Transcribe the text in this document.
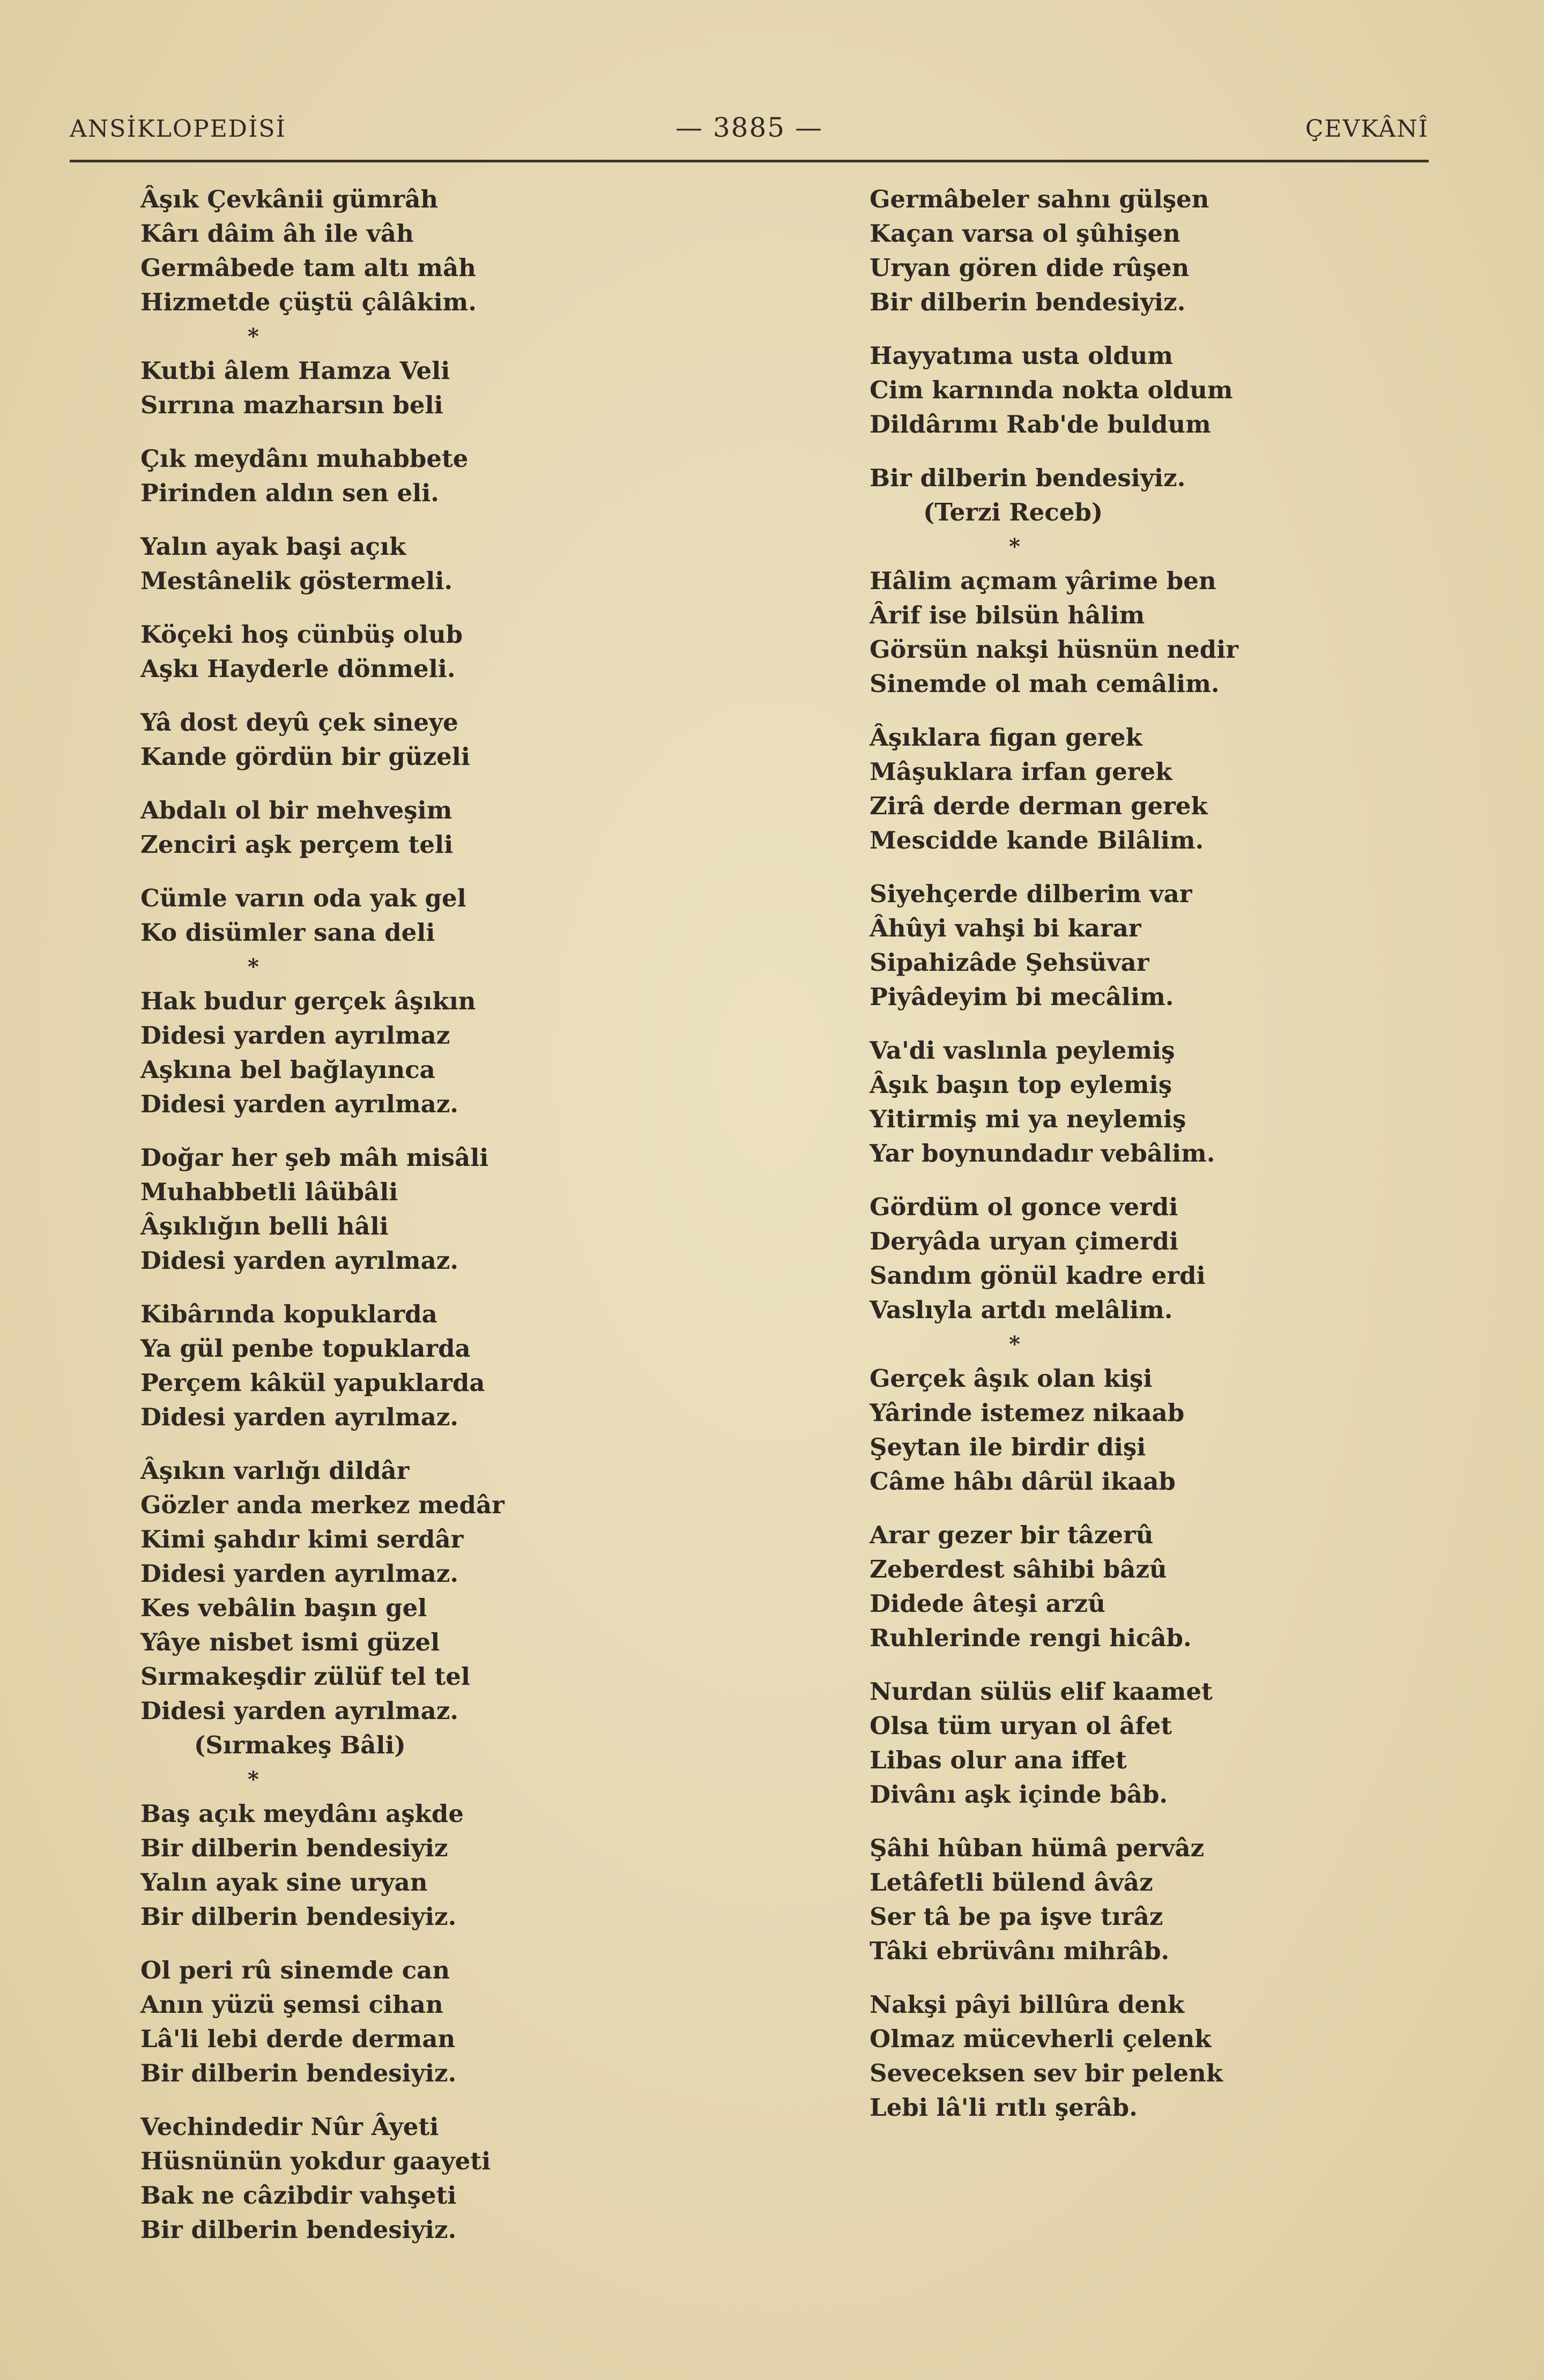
ANSİKLOPEDİSİ	— 3885 —	ÇEVKÂNÎ
Âşık Çevkânii gümrâh
Kârı dâim âh ile vâh
Germâbede tam altı mâh
Hizmetde çüştü çâlâkim.
*
Kutbi âlem Hamza Veli
Sırrına mazharsın beli
Çık meydânı muhabbete
Pirinden aldın sen eli.
Yalın ayak başi açık
Mestânelik göstermeli.
Köçeki hoş cünbüş olub
Aşkı Hayderle dönmeli.
Yâ dost deyû çek sineye
Kande gördün bir güzeli
Abdalı ol bir mehveşim
Zenciri aşk perçem teli
Cümle varın oda yak gel
Ko disümler sana deli
*
Hak budur gerçek âşıkın
Didesi yarden ayrılmaz
Aşkına bel bağlayınca
Didesi yarden ayrılmaz.
Doğar her şeb mâh misâli
Muhabbetli lâübâli
Âşıklığın belli hâli
Didesi yarden ayrılmaz.
Kibârında kopuklarda
Ya gül penbe topuklarda
Perçem kâkül yapuklarda
Didesi yarden ayrılmaz.
Âşıkın varlığı dildâr
Gözler anda merkez medâr
Kimi şahdır kimi serdâr
Didesi yarden ayrılmaz.
Kes vebâlin başın gel
Yâye nisbet ismi güzel
Sırmakeşdir zülüf tel tel
Didesi yarden ayrılmaz.
(Sırmakeş Bâli)
*
Baş açık meydânı aşkde
Bir dilberin bendesiyiz
Yalın ayak sine uryan
Bir dilberin bendesiyiz.
Ol peri rû sinemde can
Anın yüzü şemsi cihan
Lâ'li lebi derde derman
Bir dilberin bendesiyiz.
Vechindedir Nûr Âyeti
Hüsnünün yokdur gaayeti
Bak ne câzibdir vahşeti
Bir dilberin bendesiyiz.
Germâbeler sahnı gülşen
Kaçan varsa ol şûhişen
Uryan gören dide rûşen
Bir dilberin bendesiyiz.
Hayyatıma usta oldum
Cim karnında nokta oldum
Dildârımı Rab'de buldum
Bir dilberin bendesiyiz.
(Terzi Receb)
*
Hâlim açmam yârime ben
Ârif ise bilsün hâlim
Görsün nakşi hüsnün nedir
Sinemde ol mah cemâlim.
Âşıklara figan gerek
Mâşuklara irfan gerek
Zirâ derde derman gerek
Mescidde kande Bilâlim.
Siyehçerde dilberim var
Âhûyi vahşi bi karar
Sipahizâde Şehsüvar
Piyâdeyim bi mecâlim.
Va'di vaslınla peylemiş
Âşık başın top eylemiş
Yitirmiş mi ya neylemiş
Yar boynundadır vebâlim.
Gördüm ol gonce verdi
Deryâda uryan çimerdi
Sandım gönül kadre erdi
Vaslıyla artdı melâlim.
*
Gerçek âşık olan kişi
Yârinde istemez nikaab
Şeytan ile birdir dişi
Câme hâbı dârül ikaab
Arar gezer bir tâzerû
Zeberdest sâhibi bâzû
Didede âteşi arzû
Ruhlerinde rengi hicâb.
Nurdan sülüs elif kaamet
Olsa tüm uryan ol âfet
Libas olur ana iffet
Divânı aşk içinde bâb.
Şâhi hûban hümâ pervâz
Letâfetli bülend âvâz
Ser tâ be pa işve tırâz
Tâki ebrüvânı mihrâb.
Nakşi pâyi billûra denk
Olmaz mücevherli çelenk
Seveceksen sev bir pelenk
Lebi lâ'li rıtlı şerâb.
